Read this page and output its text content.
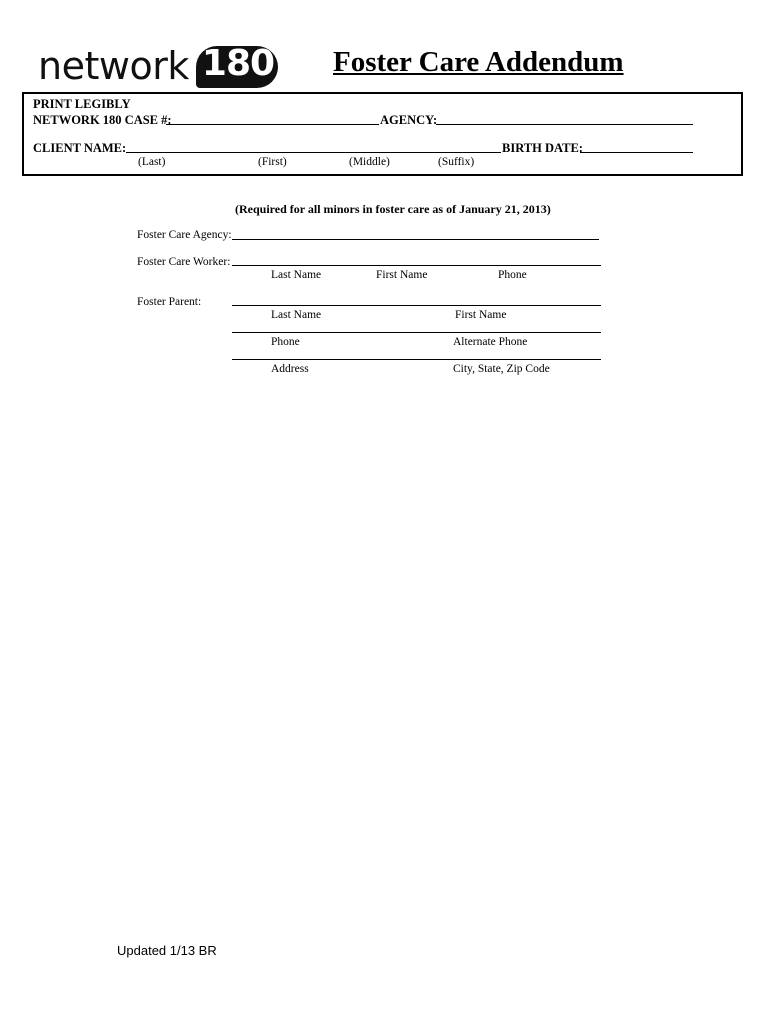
network 180 Foster Care Addendum
PRINT LEGIBLY
NETWORK 180 CASE #:	AGENCY:
CLIENT NAME:	BIRTH DATE:
(Last)	(First)	(Middle)	(Suffix)
(Required for all minors in foster care as of January 21, 2013)
Foster Care Agency:
Foster Care Worker:
Last Name	First Name	Phone
Foster Parent:
Last Name	First Name
Phone	Alternate Phone
Address	City, State, Zip Code
Updated 1/13 BR
